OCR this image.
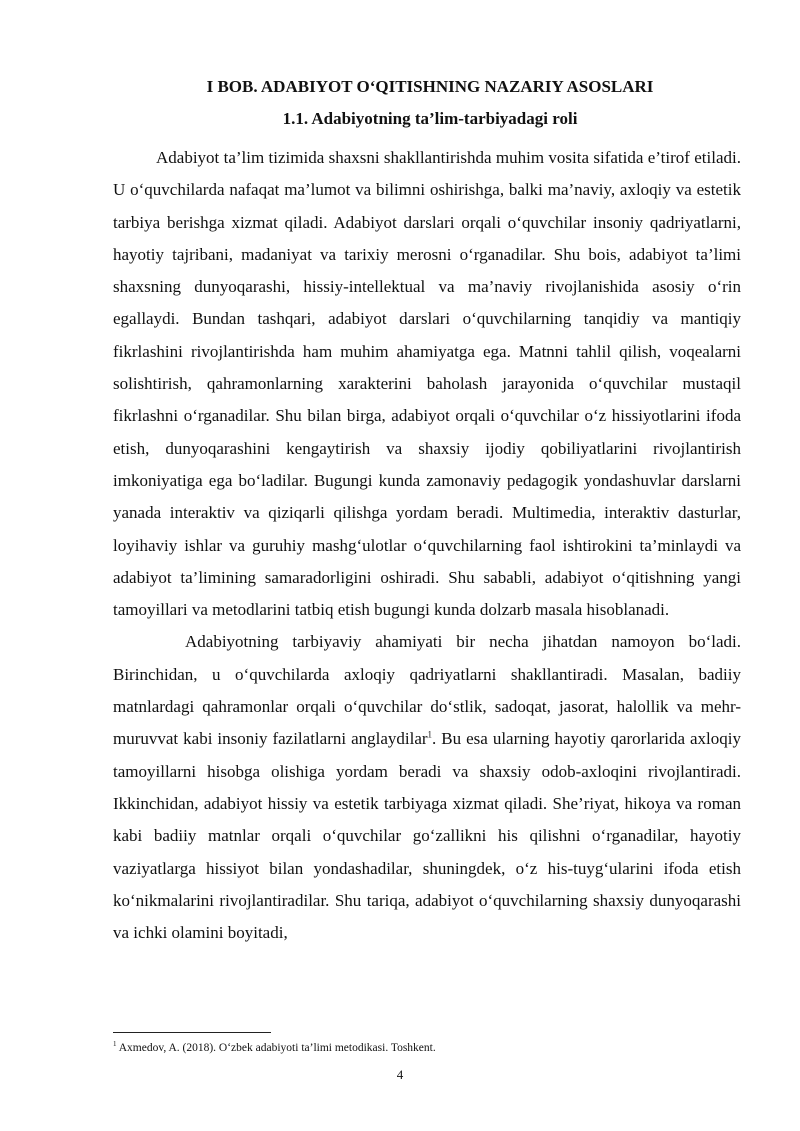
I BOB. ADABIYOT O‘QITISHNING NAZARIY ASOSLARI
1.1. Adabiyotning ta’lim-tarbiyadagi roli

Adabiyot ta’lim tizimida shaxsni shakllantirishda muhim vosita sifatida e’tirof etiladi. U o‘quvchilarda nafaqat ma’lumot va bilimni oshirishga, balki ma’naviy, axloqiy va estetik tarbiya berishga xizmat qiladi. Adabiyot darslari orqali o‘quvchilar insoniy qadriyatlarni, hayotiy tajribani, madaniyat va tarixiy merosni o‘rganadilar. Shu bois, adabiyot ta’limi shaxsning dunyoqarashi, hissiy-intellektual va ma’naviy rivojlanishida asosiy o‘rin egallaydi. Bundan tashqari, adabiyot darslari o‘quvchilarning tanqidiy va mantiqiy fikrlashini rivojlantirishda ham muhim ahamiyatga ega. Matnni tahlil qilish, voqealarni solishtirish, qahramonlarning xarakterini baholash jarayonida o‘quvchilar mustaqil fikrlashni o‘rganadilar. Shu bilan birga, adabiyot orqali o‘quvchilar o‘z hissiyotlarini ifoda etish, dunyoqarashini kengaytirish va shaxsiy ijodiy qobiliyatlarini rivojlantirish imkoniyatiga ega bo‘ladilar. Bugungi kunda zamonaviy pedagogik yondashuvlar darslarni yanada interaktiv va qiziqarli qilishga yordam beradi. Multimedia, interaktiv dasturlar, loyihaviy ishlar va guruhiy mashg‘ulotlar o‘quvchilarning faol ishtirokini ta’minlaydi va adabiyot ta’limining samaradorligini oshiradi. Shu sababli, adabiyot o‘qitishning yangi tamoyillari va metodlarini tatbiq etish bugungi kunda dolzarb masala hisoblanadi.

Adabiyotning tarbiyaviy ahamiyati bir necha jihatdan namoyon bo‘ladi. Birinchidan, u o‘quvchilarda axloqiy qadriyatlarni shakllantiradi. Masalan, badiiy matnlardagi qahramonlar orqali o‘quvchilar do‘stlik, sadoqat, jasorat, halollik va mehr-muruvvat kabi insoniy fazilatlarni anglaydilar$^1$. Bu esa ularning hayotiy qarorlarida axloqiy tamoyillarni hisobga olishiga yordam beradi va shaxsiy odob-axloqini rivojlantiradi. Ikkinchidan, adabiyot hissiy va estetik tarbiyaga xizmat qiladi. She’riyat, hikoya va roman kabi badiiy matnlar orqali o‘quvchilar go‘zallikni his qilishni o‘rganadilar, hayotiy vaziyatlarga hissiyot bilan yondashadilar, shuningdek, o‘z his-tuyg‘ularini ifoda etish ko‘nikmalarini rivojlantiradilar. Shu tariqa, adabiyot o‘quvchilarning shaxsiy dunyoqarashi va ichki olamini boyitadi,

$^1$ Axmedov, A. (2018). O‘zbek adabiyoti ta’limi metodikasi. Toshkent.
4
